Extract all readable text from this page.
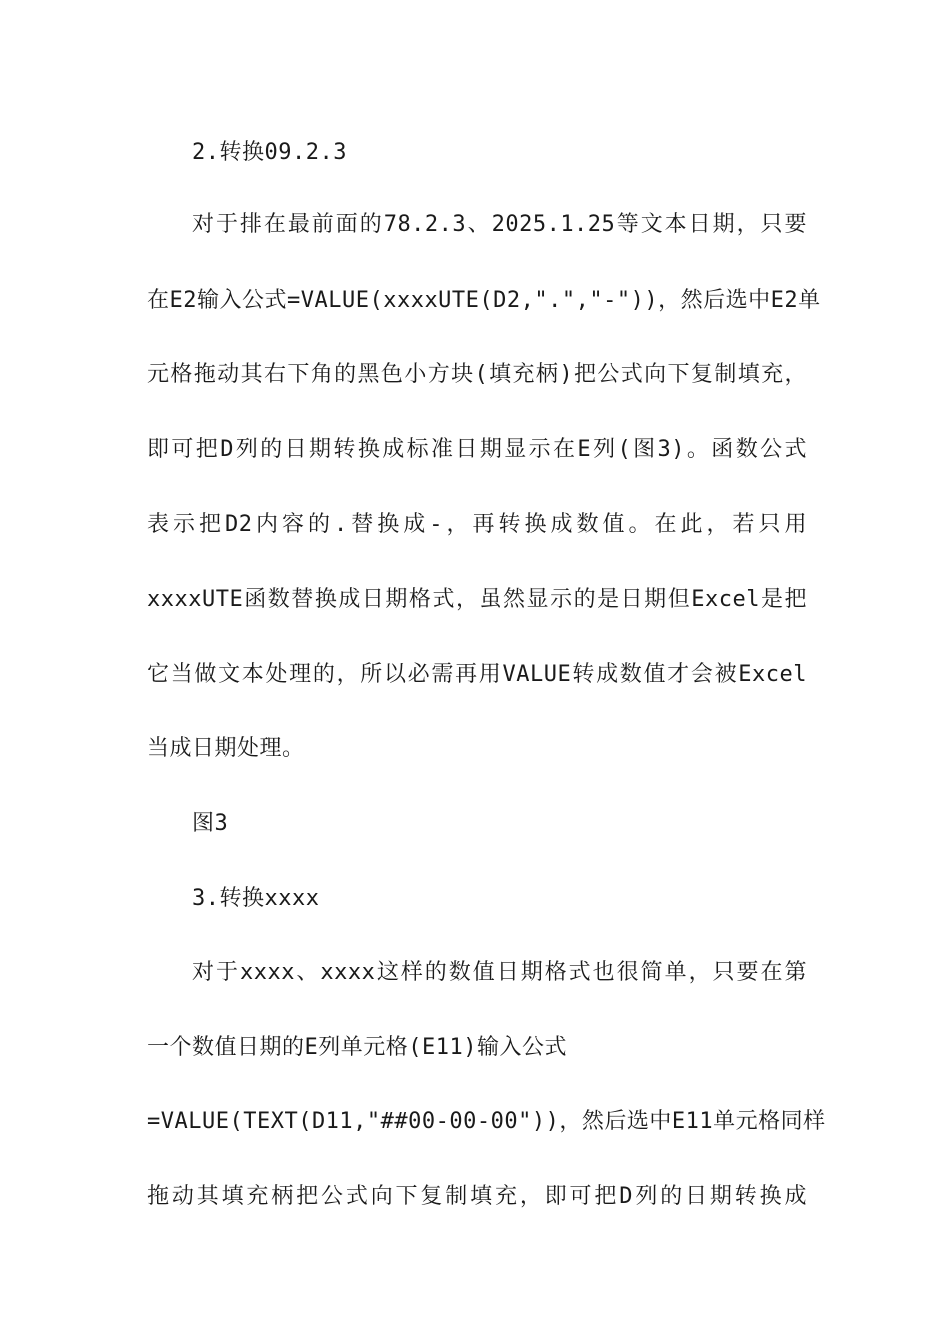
2.转换09.2.3
对于排在最前面的78.2.3、2025.1.25等文本日期，只要
在E2输入公式=VALUE(xxxxUTE(D2,".","-"))，然后选中E2单
元格拖动其右下角的黑色小方块(填充柄)把公式向下复制填充，
即可把D列的日期转换成标准日期显示在E列(图3)。函数公式
表示把D2内容的.替换成-，再转换成数值。在此，若只用
xxxxUTE函数替换成日期格式，虽然显示的是日期但Excel是把
它当做文本处理的，所以必需再用VALUE转成数值才会被Excel
当成日期处理。
图3
3.转换xxxx
对于xxxx、xxxx这样的数值日期格式也很简单，只要在第
一个数值日期的E列单元格(E11)输入公式
=VALUE(TEXT(D11,"##00-00-00"))，然后选中E11单元格同样
拖动其填充柄把公式向下复制填充，即可把D列的日期转换成
